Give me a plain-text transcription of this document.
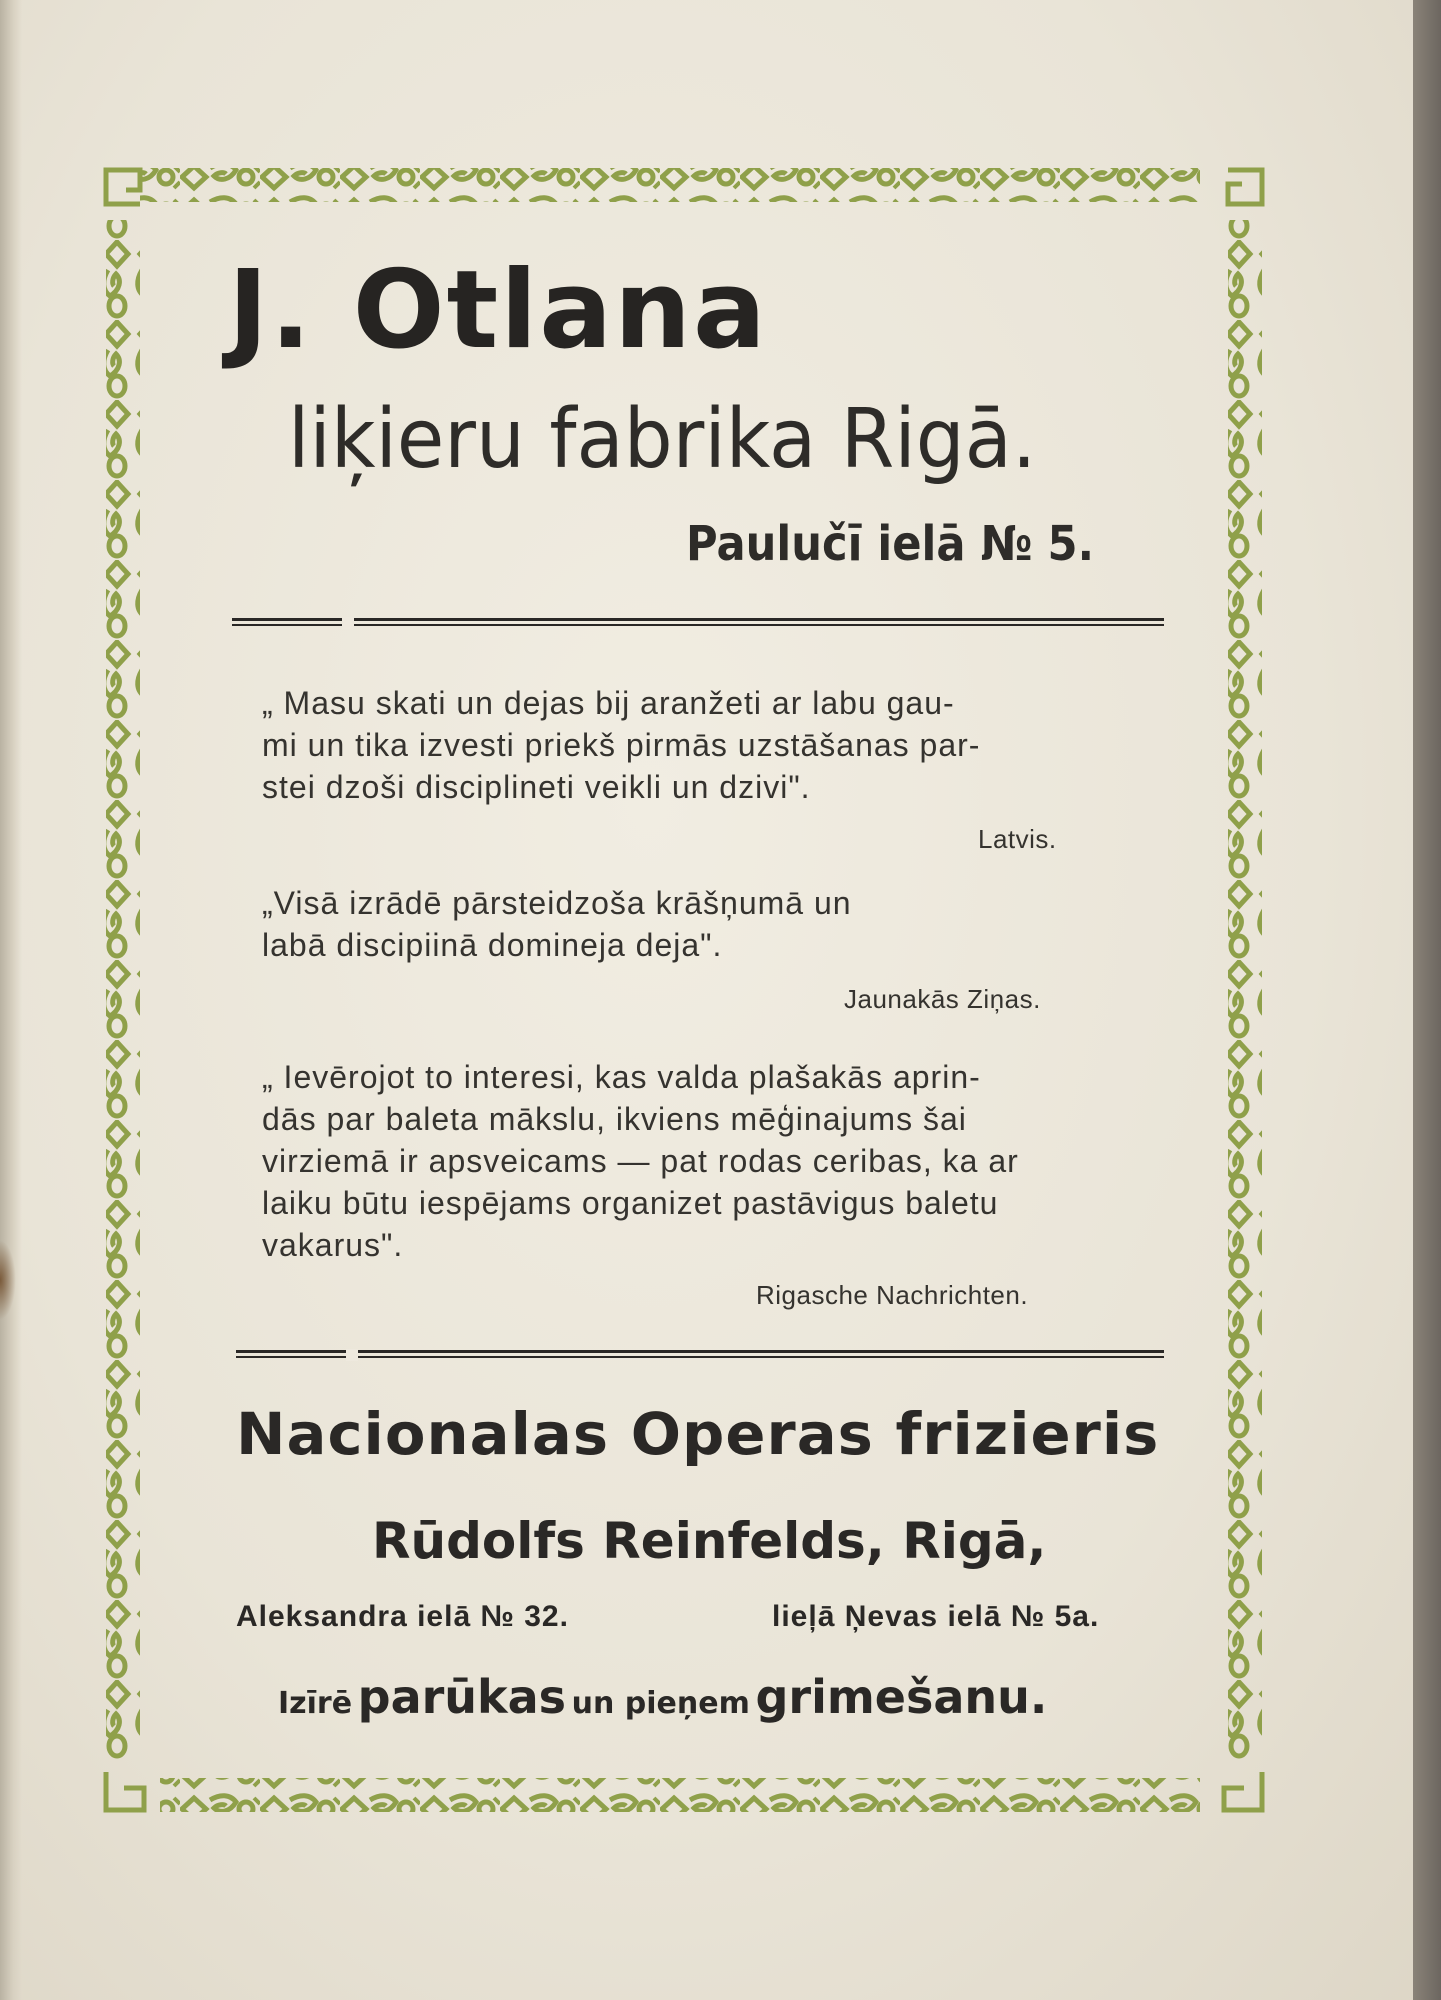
J. Otlana
liķieru fabrika Rigā.
Paulučī ielā № 5.
„ Masu skati un dejas bij aranžeti ar labu gau-
mi un tika izvesti priekš pirmās uzstāšanas par-
stei dzoši disciplineti veikli un dzivi".
Latvis.
„Visā izrādē pārsteidzoša krāšņumā un
labā discipiinā domineja deja".
Jaunakās Ziņas.
„ Ievērojot to interesi, kas valda plašakās aprin-
dās par baleta mākslu, ikviens mēģinajums šai
virziemā ir apsveicams — pat rodas ceribas, ka ar
laiku būtu iespējams organizet pastāvigus baletu
vakarus".
Rigasche Nachrichten.
Nacionalas Operas frizieris
Rūdolfs Reinfelds, Rigā,
Aleksandra ielā № 32.	lieļā Ņevas ielā № 5a.
Izīrē parūkas un pieņem grimešanu.
